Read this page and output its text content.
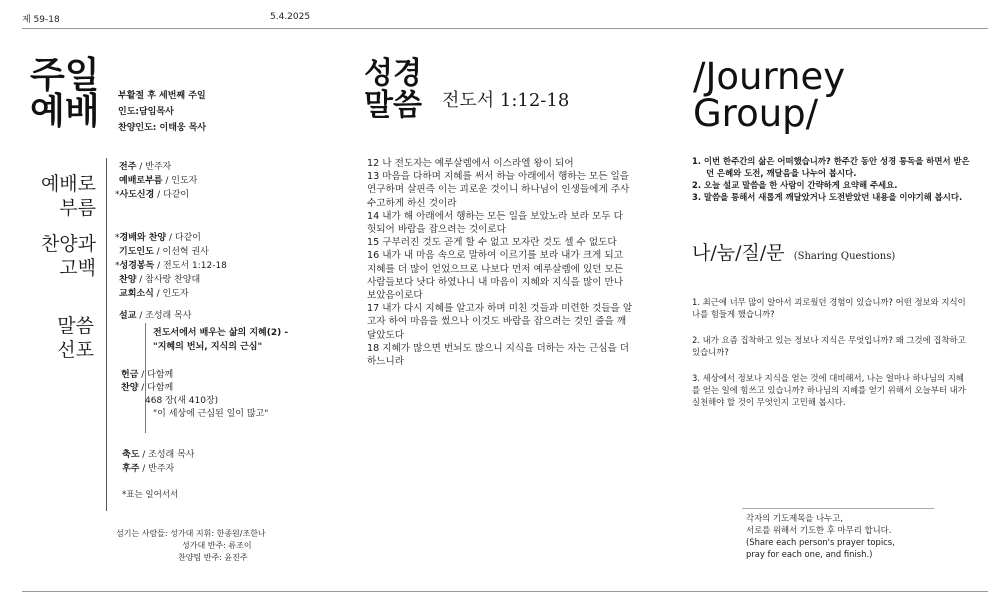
제 59-18	5.4.2025
주일
예배 부활절 후 세번째 주일
인도:담임목사
찬양인도: 이태웅 목사
예배로
부름
전주 / 반주자
예배로부름 / 인도자
*사도신경 / 다같이
찬양과
고백
*경배와 찬양 / 다같이
기도인도 / 이선혁 권사
*성경봉독 / 전도서 1:12-18
찬양 / 참사랑 찬양대
교회소식 / 인도자
말씀
선포
설교 / 조성래 목사
전도서에서 배우는 삶의 지혜(2) -
"지혜의 번뇌, 지식의 근심"
헌금 / 다함께
찬양 / 다함께
468 장(새 410장)
"이 세상에 근심된 일이 많고"
축도 / 조성래 목사
후주 / 반주자
*표는 일어서서
섬기는 사람들: 성가대 지휘: 한종원/조한나
성가대 반주: 류조이
찬양팀 반주: 윤진주
성경
말씀 전도서 1:12-18
12 나 전도자는 예루살렘에서 이스라엘 왕이 되어
13 마음을 다하며 지혜를 써서 하늘 아래에서 행하는 모든 일을 연구하며 살핀즉 이는 괴로운 것이니 하나님이 인생들에게 주사 수고하게 하신 것이라
14 내가 해 아래에서 행하는 모든 일을 보았노라 보라 모두 다 헛되어 바람을 잡으려는 것이로다
15 구부러진 것도 곧게 할 수 없고 모자란 것도 셀 수 없도다
16 내가 내 마음 속으로 말하여 이르기를 보라 내가 크게 되고 지혜를 더 많이 얻었으므로 나보다 먼저 예루살렘에 있던 모든 사람들보다 낫다 하였나니 내 마음이 지혜와 지식을 많이 만나 보았음이로다
17 내가 다시 지혜를 알고자 하며 미친 것들과 미련한 것들을 알고자 하여 마음을 썼으나 이것도 바람을 잡으려는 것인 줄을 깨달았도다
18 지혜가 많으면 번뇌도 많으니 지식을 더하는 자는 근심을 더하느니라
/Journey
Group/
1. 이번 한주간의 삶은 어떠했습니까? 한주간 동안 성경 통독을 하면서 받은 던 은혜와 도전, 깨달음을 나누어 봅시다.
2. 오늘 설교 말씀을 한 사람이 간략하게 요약해 주세요.
3. 말씀을 통해서 새롭게 깨달았거나 도전받았던 내용을 이야기해 봅시다.
나/눔/질/문 (Sharing Questions)
1. 최근에 너무 많이 알아서 괴로웠던 경험이 있습니까? 어떤 정보와 지식이 나를 힘들게 했습니까?
2. 내가 요즘 집착하고 있는 정보나 지식은 무엇입니까? 왜 그것에 집착하고 있습니까?
3. 세상에서 정보나 지식을 얻는 것에 대비해서, 나는 얼마나 하나님의 지혜를 얻는 일에 힘쓰고 있습니까? 하나님의 지혜를 얻기 위해서 오늘부터 내가 실천해야 할 것이 무엇인지 고민해 봅시다.
각자의 기도제목을 나누고,
서로를 위해서 기도한 후 마무리 합니다.
(Share each person's prayer topics,
pray for each one, and finish.)
